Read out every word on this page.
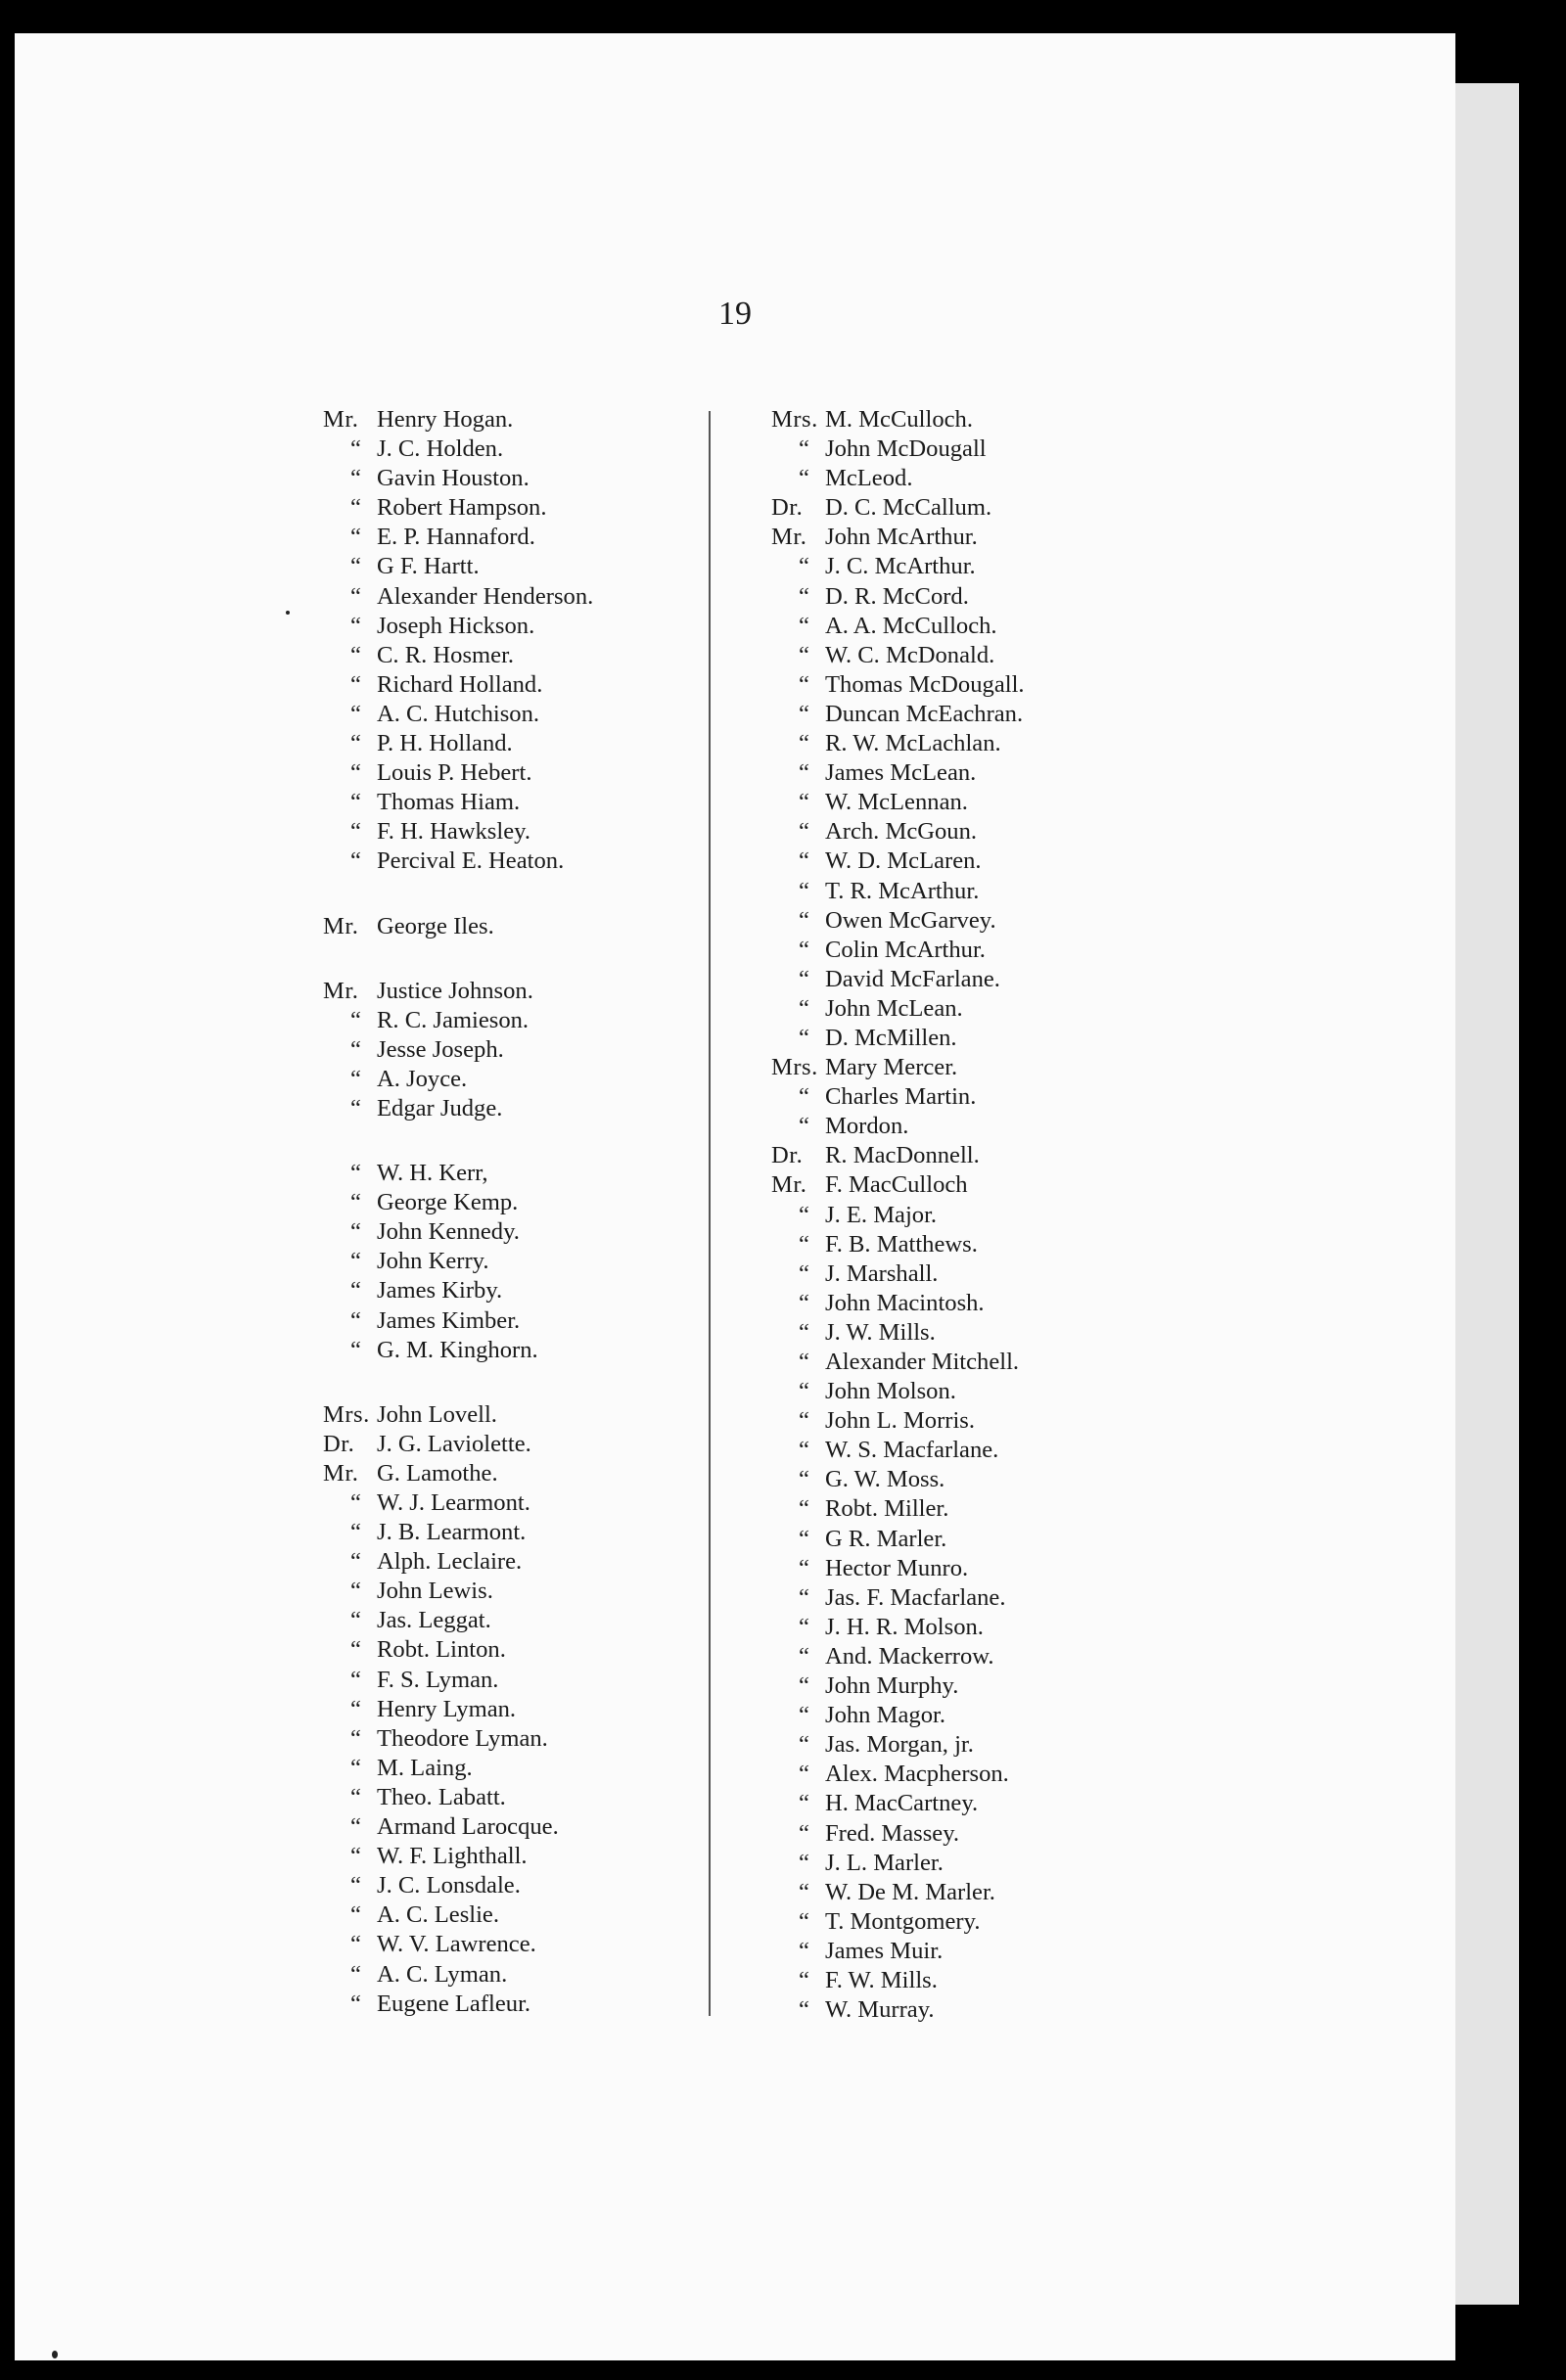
19
Mr. Henry Hogan.
“ J. C. Holden.
“ Gavin Houston.
“ Robert Hampson.
“ E. P. Hannaford.
“ G F. Hartt.
“ Alexander Henderson.
“ Joseph Hickson.
“ C. R. Hosmer.
“ Richard Holland.
“ A. C. Hutchison.
“ P. H. Holland.
“ Louis P. Hebert.
“ Thomas Hiam.
“ F. H. Hawksley.
“ Percival E. Heaton.
Mr. George Iles.
Mr. Justice Johnson.
“ R. C. Jamieson.
“ Jesse Joseph.
“ A. Joyce.
“ Edgar Judge.
“ W. H. Kerr,
“ George Kemp.
“ John Kennedy.
“ John Kerry.
“ James Kirby.
“ James Kimber.
“ G. M. Kinghorn.
Mrs. John Lovell.
Dr. J. G. Laviolette.
Mr. G. Lamothe.
“ W. J. Learmont.
“ J. B. Learmont.
“ Alph. Leclaire.
“ John Lewis.
“ Jas. Leggat.
“ Robt. Linton.
“ F. S. Lyman.
“ Henry Lyman.
“ Theodore Lyman.
“ M. Laing.
“ Theo. Labatt.
“ Armand Larocque.
“ W. F. Lighthall.
“ J. C. Lonsdale.
“ A. C. Leslie.
“ W. V. Lawrence.
“ A. C. Lyman.
“ Eugene Lafleur.
Mrs. M. McCulloch.
“ John McDougall
“ McLeod.
Dr. D. C. McCallum.
Mr. John McArthur.
“ J. C. McArthur.
“ D. R. McCord.
“ A. A. McCulloch.
“ W. C. McDonald.
“ Thomas McDougall.
“ Duncan McEachran.
“ R. W. McLachlan.
“ James McLean.
“ W. McLennan.
“ Arch. McGoun.
“ W. D. McLaren.
“ T. R. McArthur.
“ Owen McGarvey.
“ Colin McArthur.
“ David McFarlane.
“ John McLean.
“ D. McMillen.
Mrs. Mary Mercer.
“ Charles Martin.
“ Mordon.
Dr. R. MacDonnell.
Mr. F. MacCulloch
“ J. E. Major.
“ F. B. Matthews.
“ J. Marshall.
“ John Macintosh.
“ J. W. Mills.
“ Alexander Mitchell.
“ John Molson.
“ John L. Morris.
“ W. S. Macfarlane.
“ G. W. Moss.
“ Robt. Miller.
“ G R. Marler.
“ Hector Munro.
“ Jas. F. Macfarlane.
“ J. H. R. Molson.
“ And. Mackerrow.
“ John Murphy.
“ John Magor.
“ Jas. Morgan, jr.
“ Alex. Macpherson.
“ H. MacCartney.
“ Fred. Massey.
“ J. L. Marler.
“ W. De M. Marler.
“ T. Montgomery.
“ James Muir.
“ F. W. Mills.
“ W. Murray.
